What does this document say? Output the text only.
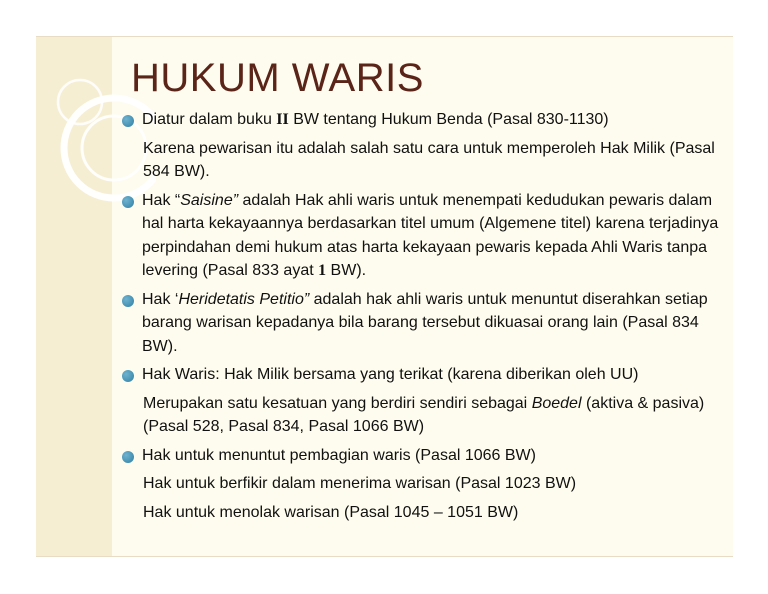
HUKUM WARIS
Diatur dalam buku II BW tentang Hukum Benda (Pasal 830-1130)
Karena pewarisan itu adalah salah satu cara untuk memperoleh Hak Milik (Pasal 584 BW).
Hak “Saisine” adalah Hak ahli waris untuk menempati kedudukan pewaris dalam hal harta kekayaannya berdasarkan titel umum (Algemene titel) karena terjadinya perpindahan demi hukum atas harta kekayaan pewaris kepada Ahli Waris tanpa levering (Pasal 833 ayat 1 BW).
Hak ‘Heridetatis Petitio” adalah hak ahli waris untuk menuntut diserahkan setiap barang warisan kepadanya bila barang tersebut dikuasai orang lain (Pasal 834 BW).
Hak Waris: Hak Milik bersama yang terikat (karena diberikan oleh UU)
Merupakan satu kesatuan yang berdiri sendiri sebagai Boedel (aktiva & pasiva) (Pasal 528, Pasal 834, Pasal 1066 BW)
Hak untuk menuntut pembagian waris (Pasal 1066 BW)
Hak untuk berfikir dalam menerima warisan (Pasal 1023 BW)
Hak untuk menolak warisan (Pasal 1045 – 1051 BW)
